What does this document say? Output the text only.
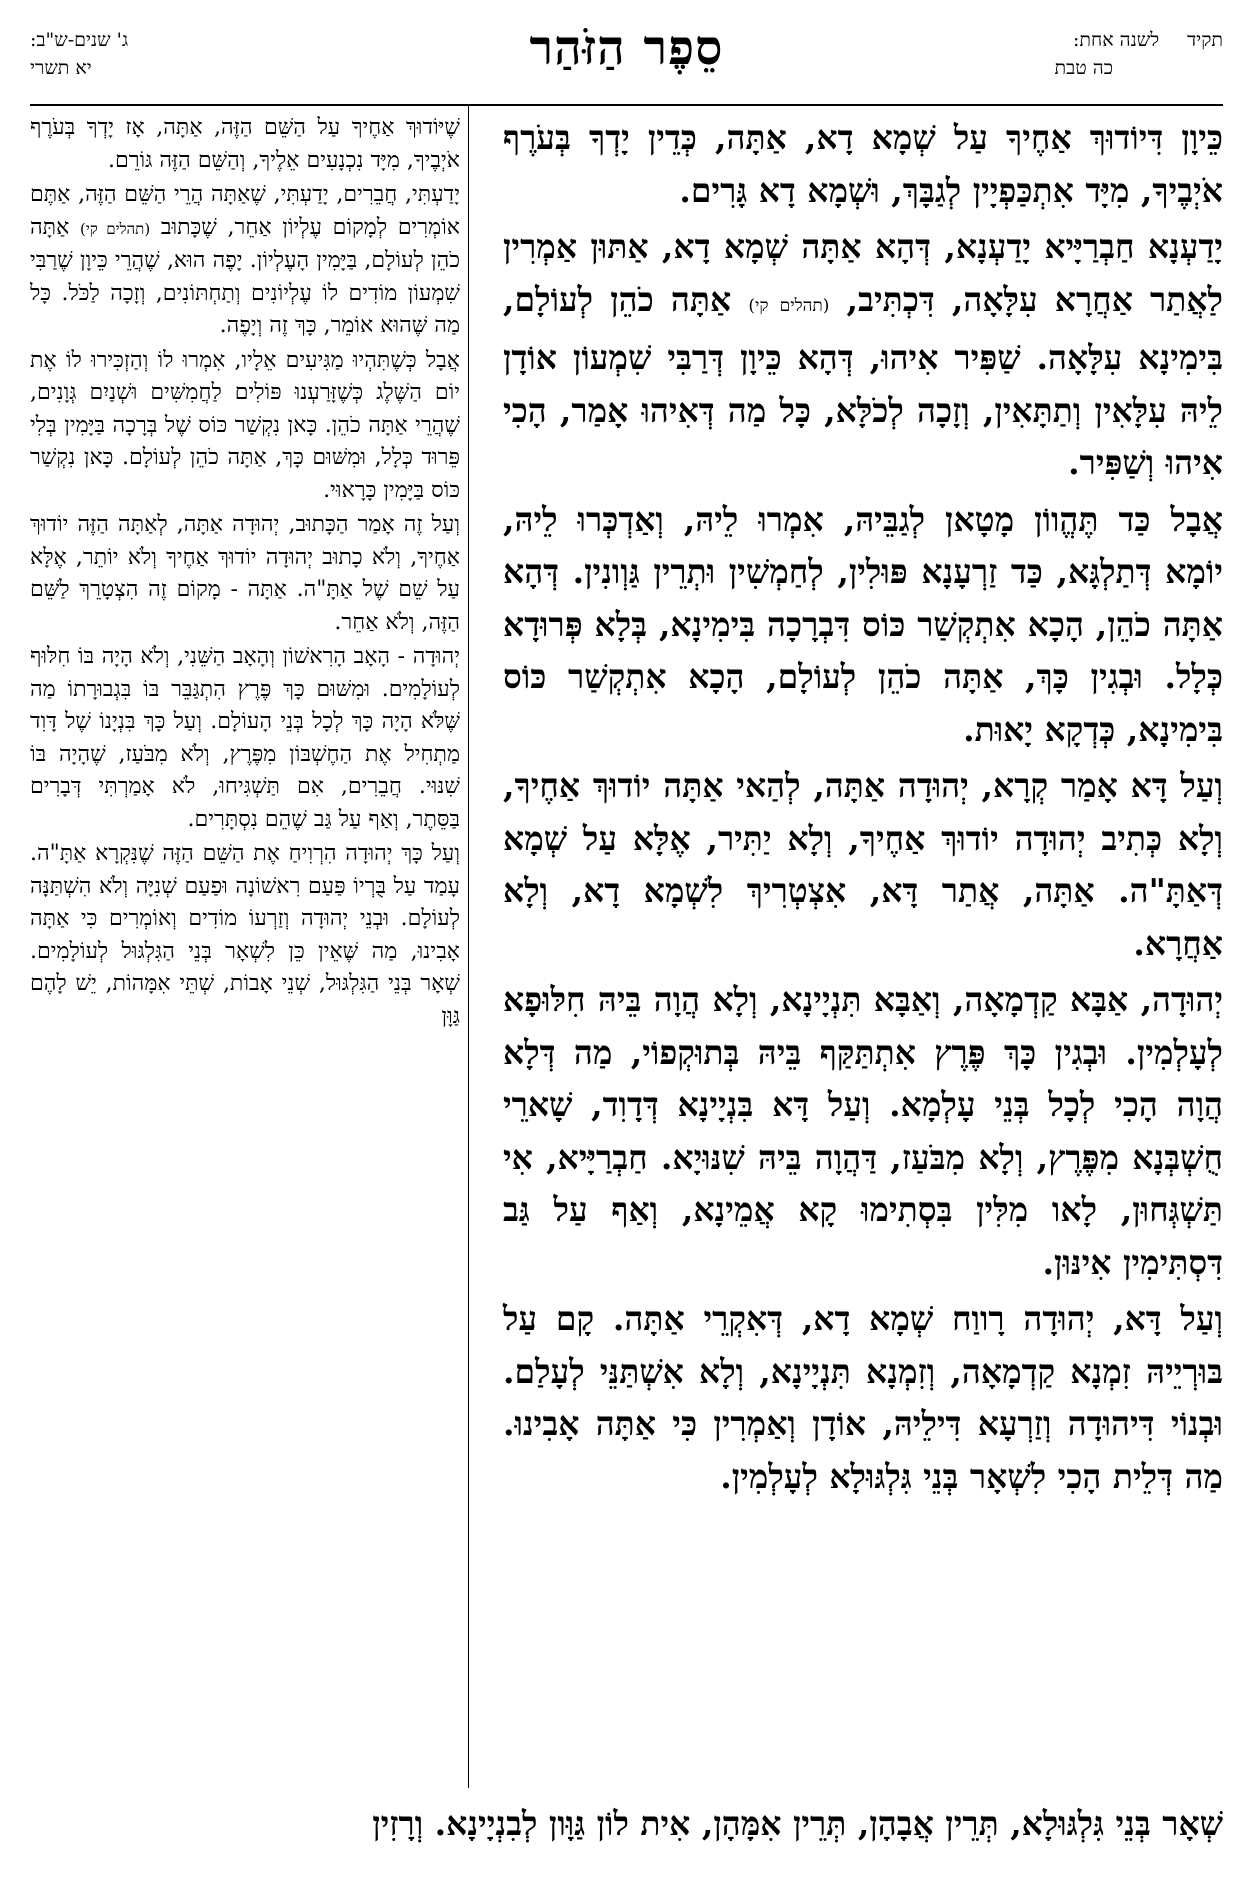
תקידלשנה אחת:
כה טבת
סֵפֶר הַזֹּהַר
ג' שנים-ש"ב:
יא תשרי

כֵּיוָן דִּיוֹדוּךְ אַחֶיךָ עַל שְׁמָא דָא, אַתָּה, כְּדֵין יָדְךָ בְּעֹרֶף אֹיְבֶיךָ, מִיָּד אִתְכַּפְיָין לְגַבָּךְ, וּשְׁמָא דָא גָּרִים.

יָדַעְנָא חַבְרַיָּיא יָדַעְנָא, דְּהָא אַתָּה שְׁמָא דָא, אַתּוּן אַמְרִין לַאֲתַר אַחֲרָא עִלָּאָה, דִּכְתִּיב, (תהלים קי) אַתָּה כֹהֵן לְעוֹלָם, בִּימִינָא עִלָּאָה. שַׁפִּיר אִיהוּ, דְּהָא כֵּיוָן דְּרַבִּי שִׁמְעוֹן אוֹדָן לֵיהּ עִלָּאִין וְתַתָּאִין, וְזָכָה לְכֹלָּא, כָּל מַה דְּאִיהוּ אָמַר, הָכִי אִיהוּ וְשַׁפִּיר.

אֲבָל כַּד תֶּהֱווֹן מָטָאן לְגַבֵּיהּ, אִמְרוּ לֵיהּ, וְאַדְכְּרוּ לֵיהּ, יוֹמָא דְּתַלְגָּא, כַּד זַרְעָנָא פּוּלִין, לְחַמְשִׁין וּתְרֵין גַּוְונִין. דְּהָא אַתָּה כֹהֵן, הָכָא אִתְקְשַׁר כּוֹס דִּבְרָכָה בִּימִינָא, בְּלָא פְּרוּדָא כְּלָל. וּבְגִין כָּךְ, אַתָּה כֹהֵן לְעוֹלָם, הָכָא אִתְקְשַׁר כּוֹס בִּימִינָא, כְּדְקָא יָאוּת.

וְעַל דָּא אָמַר קְרָא, יְהוּדָה אַתָּה, לְהַאי אַתָּה יוֹדוּךְ אַחֶיךָ, וְלָא כְּתִיב יְהוּדָה יוֹדוּךְ אַחֶיךָ, וְלָא יַתִּיר, אֶלָּא עַל שְׁמָא דְּאַתָּ"ה. אַתָּה, אֲתַר דָּא, אִצְטְרִיךְ לִשְׁמָא דָא, וְלָא אַחֲרָא.

יְהוּדָה, אַבָּא קַדְמָאָה, וְאַבָּא תִּנְיָינָא, וְלָא הֲוָה בֵּיהּ חִלּוּפָא לְעָלְמִין. וּבְגִין כָּךְ פֶּרֶץ אִתְתַּקַּף בֵּיהּ בְּתוּקְפוֹי, מַה דְּלָא הֲוָה הָכִי לְכָל בְּנֵי עָלְמָא. וְעַל דָּא בִּנְיָינָא דְּדָוִד, שָׁארֵי חֻשְׁבְּנָא מִפֶּרֶץ, וְלָא מִבֹּעַז, דַּהֲוָה בֵּיהּ שִׁנּוּיָא. חַבְרַיָּיא, אִי תַּשְׁגְּחוּן, לָאו מִלִּין בִּסְתִימוּ קָא אֲמֵינָא, וְאַף עַל גַּב דִּסְתִּימִין אִינּוּן.

וְעַל דָּא, יְהוּדָה רָווַח שְׁמָא דָא, דְּאִקְרֵי אַתָּה. קָם עַל בּוּרְיֵיהּ זִמְנָא קַדְמָאָה, וְזִמְנָא תִּנְיָינָא, וְלָא אִשְׁתַּנֵּי לְעָלַם. וּבְנוֹי דִּיהוּדָה וְזַרְעָא דִּילֵיהּ, אוֹדָן וְאַמְרִין כִּי אַתָּה אָבִינוּ. מַה דְּלֵית הָכִי לִשְׁאָר בְּנֵי גִּלְגּוּלָא לְעָלְמִין.

שֶׁיּוֹדוּךְ אַחֶיךָ עַל הַשֵּׁם הַזֶּה, אַתָּה, אָז יָדְךָ בְּעֹרֶף אֹיְבֶיךָ, מִיָּד נִכְנָעִים אֵלֶיךָ, וְהַשֵּׁם הַזֶּה גּוֹרֵם.

יָדַעְתִּי, חֲבֵרִים, יָדַעְתִּי, שֶׁאַתָּה הֲרֵי הַשֵּׁם הַזֶּה, אַתֶּם אוֹמְרִים לְמָקוֹם עֶלְיוֹן אַחֵר, שֶׁכָּתוּב (תהלים קי) אַתָּה כֹהֵן לְעוֹלָם, בַּיָּמִין הָעֶלְיוֹן. יָפֶה הוּא, שֶׁהֲרֵי כֵּיוָן שֶׁרַבִּי שִׁמְעוֹן מוֹדִים לוֹ עֶלְיוֹנִים וְתַחְתּוֹנִים, וְזָכָה לַכֹּל. כָּל מַה שֶּׁהוּא אוֹמֵר, כָּךְ זֶה וְיָפֶה.

אֲבָל כְּשֶׁתִּהְיוּ מַגִּיעִים אֵלָיו, אִמְרוּ לוֹ וְהַזְכִּירוּ לוֹ אֶת יוֹם הַשֶּׁלֶג כְּשֶׁזָּרַעְנוּ פּוֹלִים לַחֲמִשִּׁים וּשְׁנַיִם גְּוָנִים, שֶׁהֲרֵי אַתָּה כֹהֵן. כָּאן נִקְשַׁר כּוֹס שֶׁל בְּרָכָה בַּיָּמִין בְּלִי פֵּרוּד כְּלָל, וּמִשּׁוּם כָּךְ, אַתָּה כֹהֵן לְעוֹלָם. כָּאן נִקְשַׁר כּוֹס בַּיָּמִין כָּרָאוּי.

וְעַל זֶה אָמַר הַכָּתוּב, יְהוּדָה אַתָּה, לְאַתָּה הַזֶּה יוֹדוּךְ אַחֶיךָ, וְלֹא כָתוּב יְהוּדָה יוֹדוּךְ אַחֶיךָ וְלֹא יוֹתֵר, אֶלָּא עַל שֵׁם שֶׁל אַתָּ"ה. אַתָּה - מָקוֹם זֶה הִצְטָרֵךְ לַשֵּׁם הַזֶּה, וְלֹא אַחֵר.

יְהוּדָה - הָאָב הָרִאשׁוֹן וְהָאָב הַשֵּׁנִי, וְלֹא הָיָה בּוֹ חִלּוּף לְעוֹלָמִים. וּמִשּׁוּם כָּךְ פֶּרֶץ הִתְגַּבֵּר בּוֹ בִּגְבוּרָתוֹ מַה שֶּׁלֹּא הָיָה כָּךְ לְכָל בְּנֵי הָעוֹלָם. וְעַל כָּךְ בִּנְיָנוֹ שֶׁל דָּוִד מַתְחִיל אֶת הַחֶשְׁבּוֹן מִפֶּרֶץ, וְלֹא מִבֹּעַז, שֶׁהָיָה בּוֹ שִׁנּוּי. חֲבֵרִים, אִם תַּשְׁגִּיחוּ, לֹא אָמַרְתִּי דְּבָרִים בַּסֵּתֶר, וְאַף עַל גַּב שֶׁהֵם נִסְתָּרִים.

וְעַל כָּךְ יְהוּדָה הִרְוִיחַ אֶת הַשֵּׁם הַזֶּה שֶׁנִּקְרָא אַתָּ"ה. עָמַד עַל בֻּרְיוֹ פַּעַם רִאשׁוֹנָה וּפַעַם שְׁנִיָּה וְלֹא הִשְׁתַּנָּה לְעוֹלָם. וּבְנֵי יְהוּדָה וְזַרְעוֹ מוֹדִים וְאוֹמְרִים כִּי אַתָּה אָבִינוּ, מַה שֶּׁאֵין כֵּן לִשְׁאָר בְּנֵי הַגִּלְגּוּל לְעוֹלָמִים. שְׁאָר בְּנֵי הַגִּלְגּוּל, שְׁנֵי אָבוֹת, שְׁתֵּי אִמָּהוֹת, יֵשׁ לָהֶם גַּוָּן

שְׁאָר בְּנֵי גִּלְגּוּלָא, תְּרֵין אֲבָהָן, תְּרֵין אִמָּהָן, אִית לוֹן גַּוָּון לְבִנְיָינָא. וְרָזִין
